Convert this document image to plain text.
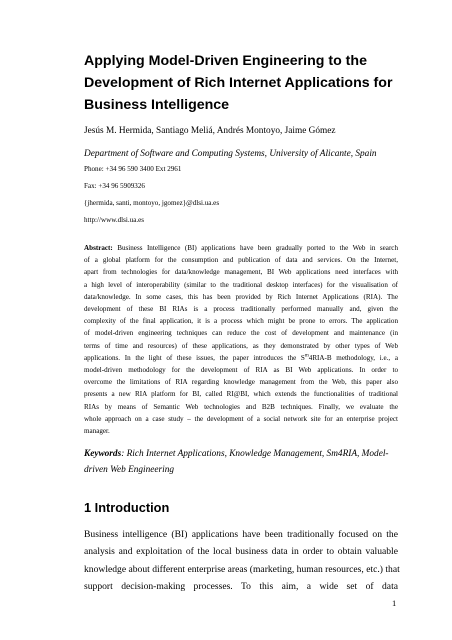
Applying Model-Driven Engineering to the
Development of Rich Internet Applications for
Business Intelligence
Jesús M. Hermida, Santiago Meliá, Andrés Montoyo, Jaime Gómez
Department of Software and Computing Systems, University of Alicante, Spain
Phone: +34 96 590 3400 Ext 2961
Fax: +34 96 5909326
{jhermida, santi, montoyo, jgomez}@dlsi.ua.es
http://www.dlsi.ua.es
Abstract: Business Intelligence (BI) applications have been gradually ported to the Web in search
of a global platform for the consumption and publication of data and services. On the Internet,
apart from technologies for data/knowledge management, BI Web applications need interfaces with
a high level of interoperability (similar to the traditional desktop interfaces) for the visualisation of
data/knowledge. In some cases, this has been provided by Rich Internet Applications (RIA). The
development of these BI RIAs is a process traditionally performed manually and, given the
complexity of the final application, it is a process which might be prone to errors. The application
of model-driven engineering techniques can reduce the cost of development and maintenance (in
terms of time and resources) of these applications, as they demonstrated by other types of Web
applications. In the light of these issues, the paper introduces the $S^m4RIA-B$ methodology, i.e., a
model-driven methodology for the development of RIA as BI Web applications. In order to
overcome the limitations of RIA regarding knowledge management from the Web, this paper also
presents a new RIA platform for BI, called RI@BI, which extends the functionalities of traditional
RIAs by means of Semantic Web technologies and B2B techniques. Finally, we evaluate the
whole approach on a case study – the development of a social network site for an enterprise project
manager.
Keywords: Rich Internet Applications, Knowledge Management, Sm4RIA, Model-
driven Web Engineering
1 Introduction
Business intelligence (BI) applications have been traditionally focused on the
analysis and exploitation of the local business data in order to obtain valuable
knowledge about different enterprise areas (marketing, human resources, etc.) that
support decision-making processes. To this aim, a wide set of data
1
